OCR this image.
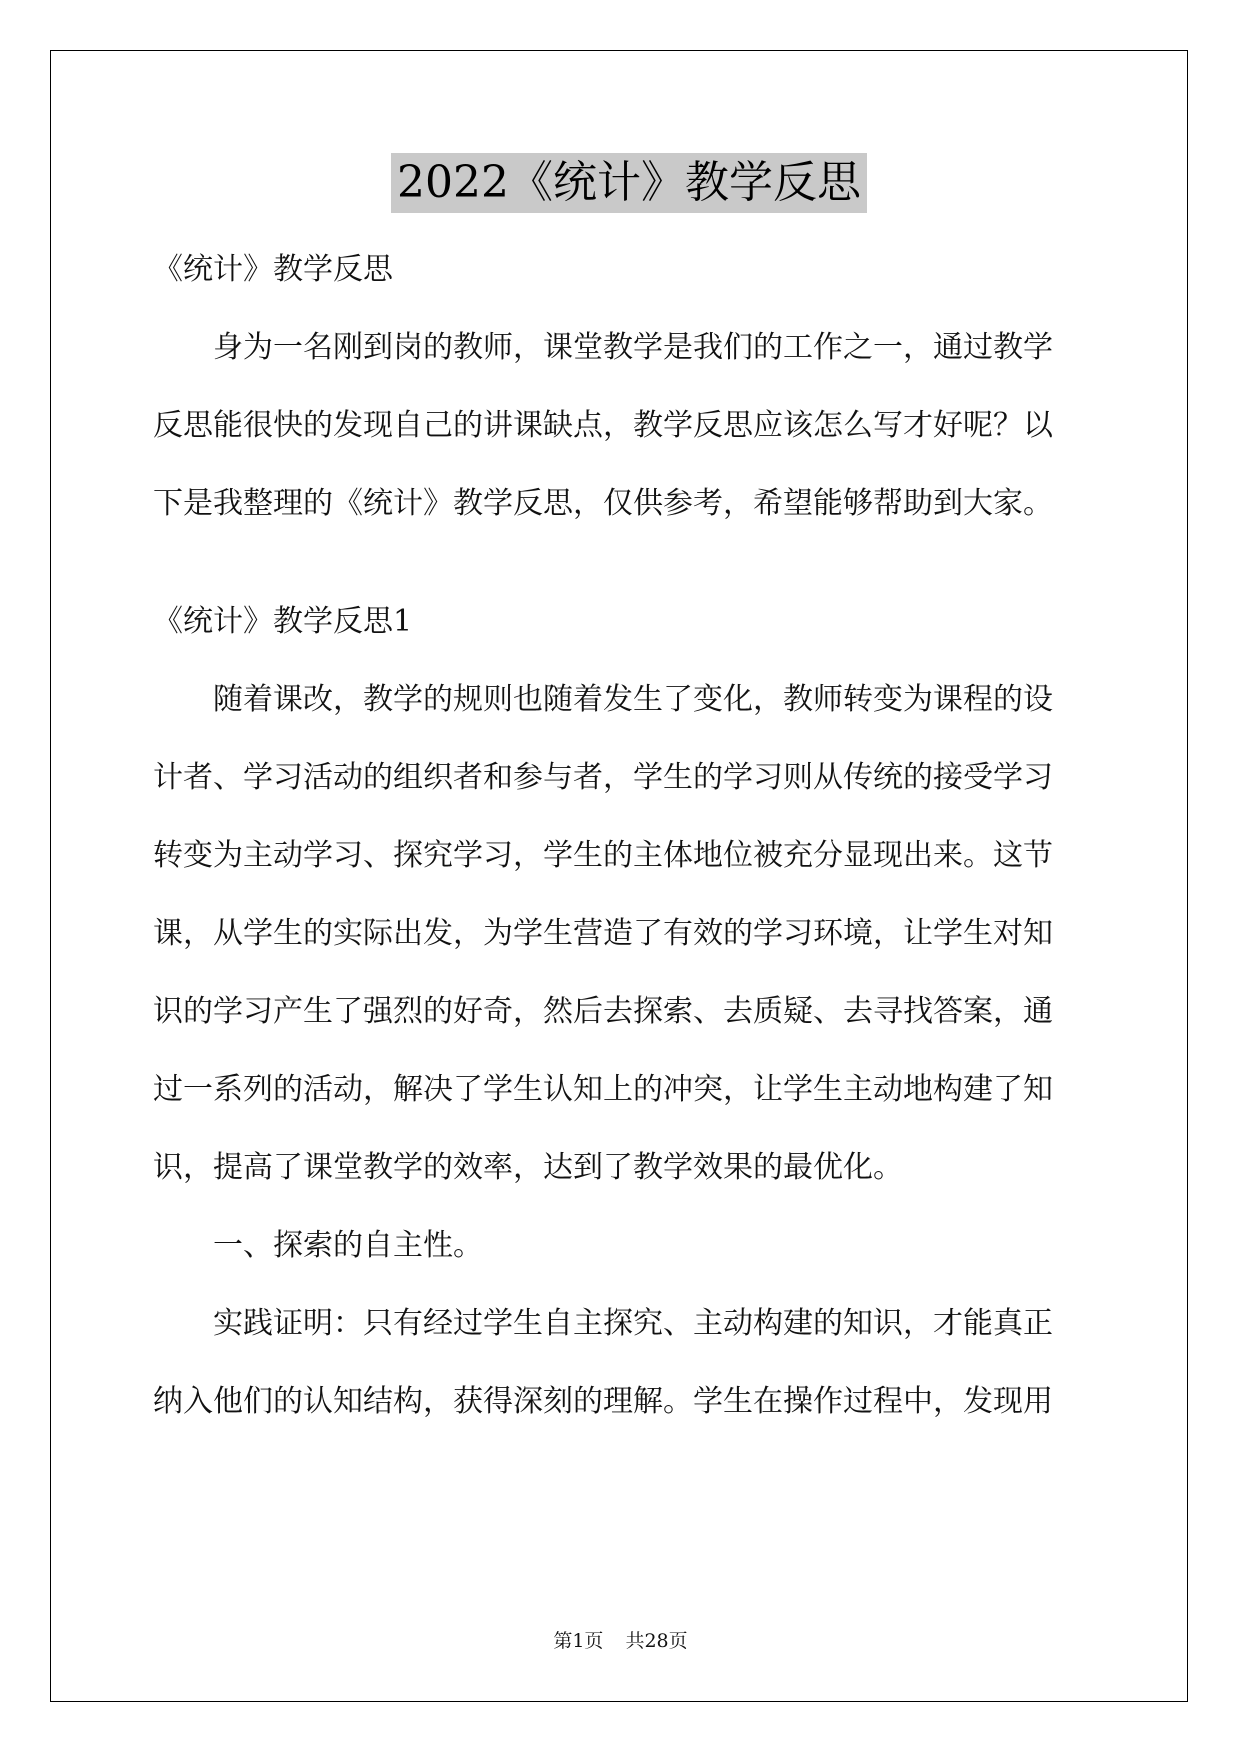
2022《统计》教学反思
《统计》教学反思
　　身为一名刚到岗的教师，课堂教学是我们的工作之一，通过教学
反思能很快的发现自己的讲课缺点，教学反思应该怎么写才好呢？以
下是我整理的《统计》教学反思，仅供参考，希望能够帮助到大家。
《统计》教学反思1
　　随着课改，教学的规则也随着发生了变化，教师转变为课程的设
计者、学习活动的组织者和参与者，学生的学习则从传统的接受学习
转变为主动学习、探究学习，学生的主体地位被充分显现出来。这节
课，从学生的实际出发，为学生营造了有效的学习环境，让学生对知
识的学习产生了强烈的好奇，然后去探索、去质疑、去寻找答案，通
过一系列的活动，解决了学生认知上的冲突，让学生主动地构建了知
识，提高了课堂教学的效率，达到了教学效果的最优化。
　　一、探索的自主性。
　　实践证明：只有经过学生自主探究、主动构建的知识，才能真正
纳入他们的认知结构，获得深刻的理解。学生在操作过程中，发现用
第1页 共28页
